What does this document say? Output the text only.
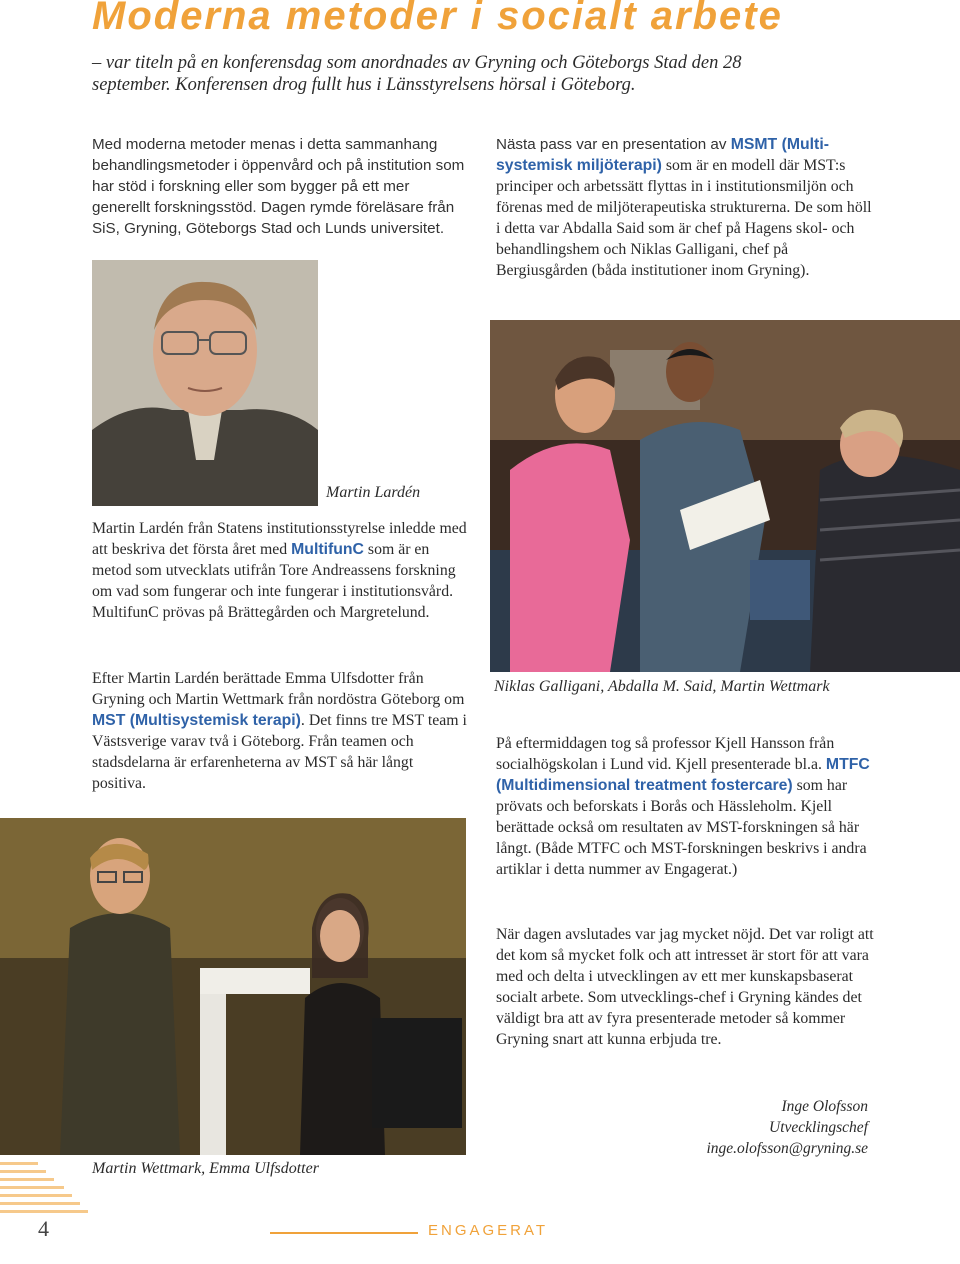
Moderna metoder i socialt arbete
– var titeln på en konferensdag som anordnades av Gryning och Göteborgs Stad den 28 september. Konferensen drog fullt hus i Länsstyrelsens hörsal i Göteborg.
Med moderna metoder menas i detta sammanhang behandlingsmetoder i öppenvård och på institution som har stöd i forskning eller som bygger på ett mer generellt forskningsstöd. Dagen rymde föreläsare från SiS, Gryning, Göteborgs Stad och Lunds universitet.
Nästa pass var en presentation av MSMT (Multi-systemisk miljöterapi) som är en modell där MST:s principer och arbetssätt flyttas in i institutionsmiljön och förenas med de miljöterapeutiska strukturerna. De som höll i detta var Abdalla Said som är chef på Hagens skol- och behandlingshem och Niklas Galligani, chef på Bergiusgården (båda institutioner inom Gryning).
Martin Lardén
Niklas Galligani, Abdalla M. Said, Martin Wettmark
Martin Lardén från Statens institutionsstyrelse inledde med att beskriva det första året med MultifunC som är en metod som utvecklats utifrån Tore Andreassens forskning om vad som fungerar och inte fungerar i institutionsvård. MultifunC prövas på Brättegården och Margretelund.
Efter Martin Lardén berättade Emma Ulfsdotter från Gryning och Martin Wettmark från nordöstra Göteborg om MST (Multisystemisk terapi). Det finns tre MST team i Västsverige varav två i Göteborg. Från teamen och stadsdelarna är erfarenheterna av MST så här långt positiva.
På eftermiddagen tog så professor Kjell Hansson från socialhögskolan i Lund vid. Kjell presenterade bl.a. MTFC (Multidimensional treatment fostercare) som har prövats och beforskats i Borås och Hässleholm. Kjell berättade också om resultaten av MST-forskningen så här långt. (Både MTFC och MST-forskningen beskrivs i andra artiklar i detta nummer av Engagerat.)
När dagen avslutades var jag mycket nöjd. Det var roligt att det kom så mycket folk och att intresset är stort för att vara med och delta i utvecklingen av ett mer kunskapsbaserat socialt arbete. Som utvecklings-chef i Gryning kändes det väldigt bra att av fyra presenterade metoder så kommer Gryning snart att kunna erbjuda tre.
Martin Wettmark, Emma Ulfsdotter
Inge Olofsson
Utvecklingschef
inge.olofsson@gryning.se
4	ENGAGERAT
